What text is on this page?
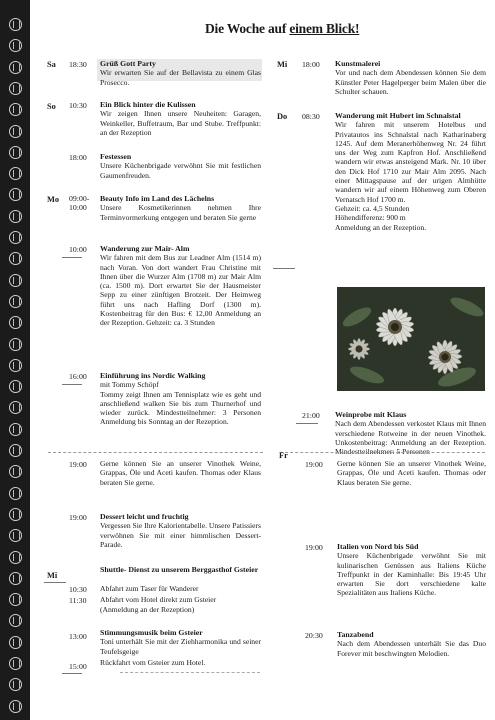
Die Woche auf einem Blick!
Sa 18:30 Grüß Gott Party
Wir erwarten Sie auf der Bellavista zu einem Glas Prosecco.
So 10:30 Ein Blick hinter die Kulissen
Wir zeigen Ihnen unsere Neuheiten: Garagen, Weinkeller, Buffetraum, Bar und Stube. Treffpunkt: an der Rezeption
18:00 Festessen
Unsere Küchenbrigade verwöhnt Sie mit festlichen Gaumenfreuden.
Mo 09:00-
10:00
Beauty Info im Land des Lächelns
Unsere Kosmetikerinnen nehmen Ihre Terminvormerkung entgegen und beraten Sie gerne
10:00 Wanderung zur Mair- Alm
Wir fahren mit dem Bus zur Leadner Alm (1514 m) nach Voran. Von dort wandert Frau Christine mit Ihnen über die Wurzer Alm (1708 m) zur Mair Alm (ca. 1500 m). Dort erwartet Sie der Hausmeister Sepp zu einer zünftigen Brotzeit. Der Heimweg führt uns nach Hafling Dorf (1300 m). Kostenbeitrag für den Bus: € 12,00 Anmeldung an der Rezeption. Gehzeit: ca. 3 Stunden
16:00 Einführung ins Nordic Walking
mit Tommy Schöpf
Tommy zeigt Ihnen am Tennisplatz wie es geht und anschließend walken Sie bis zum Thurnerhof und wieder zurück. Mindestteilnehmer: 3 Personen Anmeldung bis Sonntag an der Rezeption.
19:00 Gerne können Sie an unserer Vinothek Weine, Grappas, Öle und Aceti kaufen. Thomas oder Klaus beraten Sie gerne.
19:00 Dessert leicht und fruchtig
Vergessen Sie Ihre Kalorientabelle. Unsere Patissiers verwöhnen Sie mit einer himmlischen Dessert-Parade.
Mi
Shuttle- Dienst zu unserem Berggasthof Gsteier
10:30 Abfahrt zum Taser für Wanderer
11:30 Abfahrt vom Hotel direkt zum Gsteier
(Anmeldung an der Rezeption)
13:00 Stimmungsmusik beim Gsteier
Toni unterhält Sie mit der Ziehharmonika und seiner Teufelsgeige
15:00 Rückfahrt vom Gsteier zum Hotel.
Mi 18:00 Kunstmalerei
Vor und nach dem Abendessen können Sie dem Künstler Peter Hagelperger beim Malen über die Schulter schauen.
Do 08:30 Wanderung mit Hubert im Schnalstal
Wir fahren mit unserem Hotelbus und Privatautos ins Schnalstal nach Katharinaberg 1245. Auf dem Meranerhöhenweg Nr. 24 führt uns der Weg zum Kapfron Hof. Anschließend wandern wir etwas ansteigend Mark. Nr. 10 über den Dick Hof 1710 zur Mair Alm 2095. Nach einer Mittagspause auf der urigen Almhütte wandern wir auf einem Höhenweg zum Oberen Vernatsch Hof 1700 m.
Gehzeit: ca. 4,5 Stunden
Höhendifferenz: 900 m
Anmeldung an der Rezeption.
21:00 Weinprobe mit Klaus
Nach dem Abendessen verkostet Klaus mit Ihnen verschiedene Rotweine in der neuen Vinothek. Unkostenbeitrag: Anmeldung an der Rezeption. Mindestteilnehmer: 5 Personen
Fr
19:00 Gerne können Sie an unserer Vinothek Weine, Grappas, Öle und Aceti kaufen. Thomas oder Klaus beraten Sie gerne.
19:00 Italien von Nord bis Süd
Unsere Küchenbrigade verwöhnt Sie mit kulinarischen Genüssen aus Italiens Küche Treffpunkt in der Kaminhalle: Bis 19:45 Uhr erwarten Sie dort verschiedene kalte Spezialitäten aus Italiens Küche.
20:30 Tanzabend
Nach dem Abendessen unterhält Sie das Duo Forever mit beschwingten Melodien.
